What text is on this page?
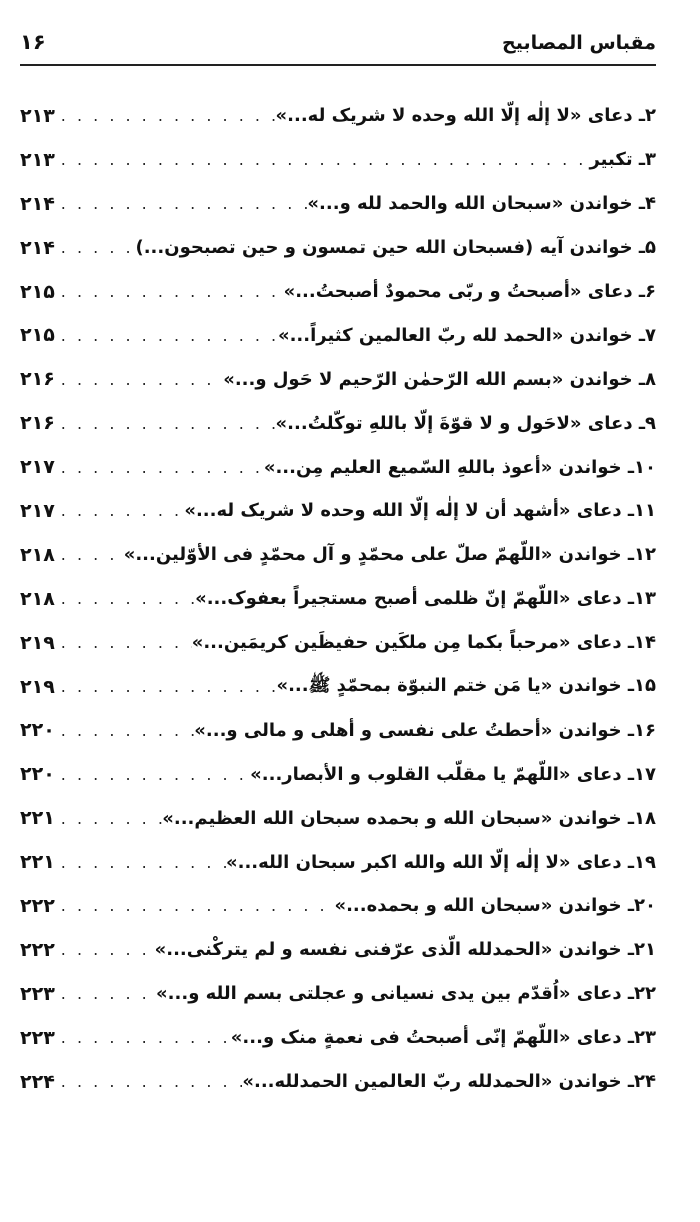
مقباس المصابیح
۱۶
۲ـ دعای «لا إلٰه إلّا الله وحده لا شریک له...»
. . .
۲۱۳
۳ـ تکبیر
. . .
۲۱۳
۴ـ خواندن «سبحان الله والحمد لله و...»
. . .
۲۱۴
۵ـ خواندن آیه (فسبحان الله حین تمسون و حین تصبحون...)
. . .
۲۱۴
۶ـ دعای «أصبحتُ و ربّی محمودٌ أصبحتُ...»
. . .
۲۱۵
۷ـ خواندن «الحمد لله ربّ العالمین کثیراً...»
. . .
۲۱۵
۸ـ خواندن «بسم الله الرّحمٰن الرّحیم لا حَول و...»
. . .
۲۱۶
۹ـ دعای «لاحَول و لا قوّةَ إلّا باللهِ توکّلتُ...»
. . .
۲۱۶
۱۰ـ خواندن «أعوذ باللهِ السّمیع العلیم مِن...»
. . .
۲۱۷
۱۱ـ دعای «أشهد أن لا إلٰه إلّا الله وحده لا شریک له...»
. . .
۲۱۷
۱۲ـ خواندن «اللّهمّ صلّ علی محمّدٍ و آل محمّدٍ فی الأوّلین...»
. . .
۲۱۸
۱۳ـ دعای «اللّهمّ إنّ ظلمی أصبح مستجیراً بعفوک...»
. . .
۲۱۸
۱۴ـ دعای «مرحباً بکما مِن ملکَین حفیظَین کریمَین...»
. . .
۲۱۹
۱۵ـ خواندن «یا مَن ختم النبوّة بمحمّدٍ ﷺ...»
. . .
۲۱۹
۱۶ـ خواندن «أحطتُ علی نفسی و أهلی و مالی و...»
. . .
۲۲۰
۱۷ـ دعای «اللّهمّ یا مقلّب القلوب و الأبصار...»
. . .
۲۲۰
۱۸ـ خواندن «سبحان الله و بحمده سبحان الله العظیم...»
. . .
۲۲۱
۱۹ـ دعای «لا إلٰه إلّا الله والله اکبر سبحان الله...»
. . .
۲۲۱
۲۰ـ خواندن «سبحان الله و بحمده...»
. . .
۲۲۲
۲۱ـ خواندن «الحمدلله الّذی عرّفنی نفسه و لم یترکْنی...»
. . .
۲۲۲
۲۲ـ دعای «اُقدّم بین یدی نسیانی و عجلتی بسم الله و...»
. . .
۲۲۳
۲۳ـ دعای «اللّهمّ إنّی أصبحتُ فی نعمةٍ منک و...»
. . .
۲۲۳
۲۴ـ خواندن «الحمدلله ربّ العالمین الحمدلله...»
. . .
۲۲۴
